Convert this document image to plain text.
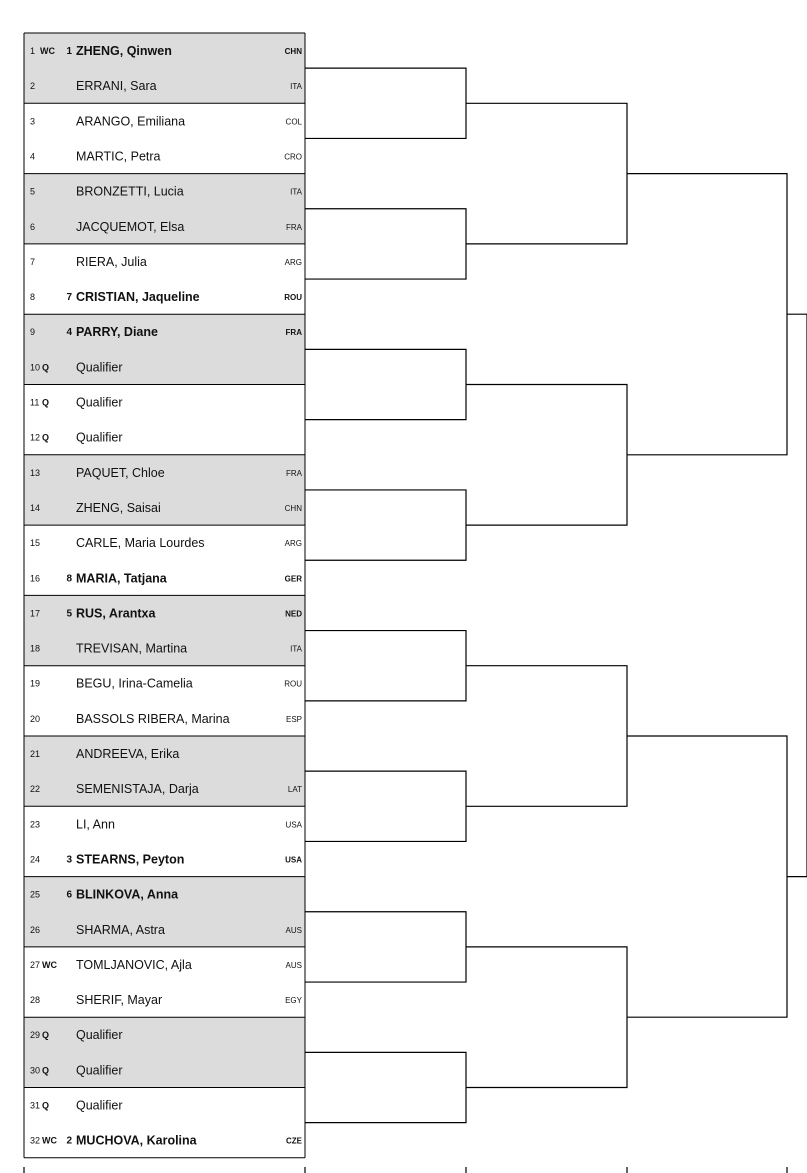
1 WC 1 ZHENG, Qinwen	CHN
2	ERRANI, Sara	ITA
3	ARANGO, Emiliana	COL
4	MARTIC, Petra	CRO
5	BRONZETTI, Lucia	ITA
6	JACQUEMOT, Elsa	FRA
7	RIERA, Julia	ARG
8	7 CRISTIAN, Jaqueline	ROU
9	4 PARRY, Diane	FRA
10 Q Qualifier
11 Q Qualifier
12 Q Qualifier
13	PAQUET, Chloe	FRA
14	ZHENG, Saisai	CHN
15	CARLE, Maria Lourdes	ARG
16	8 MARIA, Tatjana	GER
17	5 RUS, Arantxa	NED
18	TREVISAN, Martina	ITA
19	BEGU, Irina-Camelia	ROU
20	BASSOLS RIBERA, Marina	ESP
21	ANDREEVA, Erika
22	SEMENISTAJA, Darja	LAT
23	LI, Ann	USA
24	3 STEARNS, Peyton	USA
25	6 BLINKOVA, Anna
26	SHARMA, Astra	AUS
27 WC TOMLJANOVIC, Ajla	AUS
28	SHERIF, Mayar	EGY
29 Q Qualifier
30 Q Qualifier
31 Q Qualifier
32 WC 2 MUCHOVA, Karolina	CZE
